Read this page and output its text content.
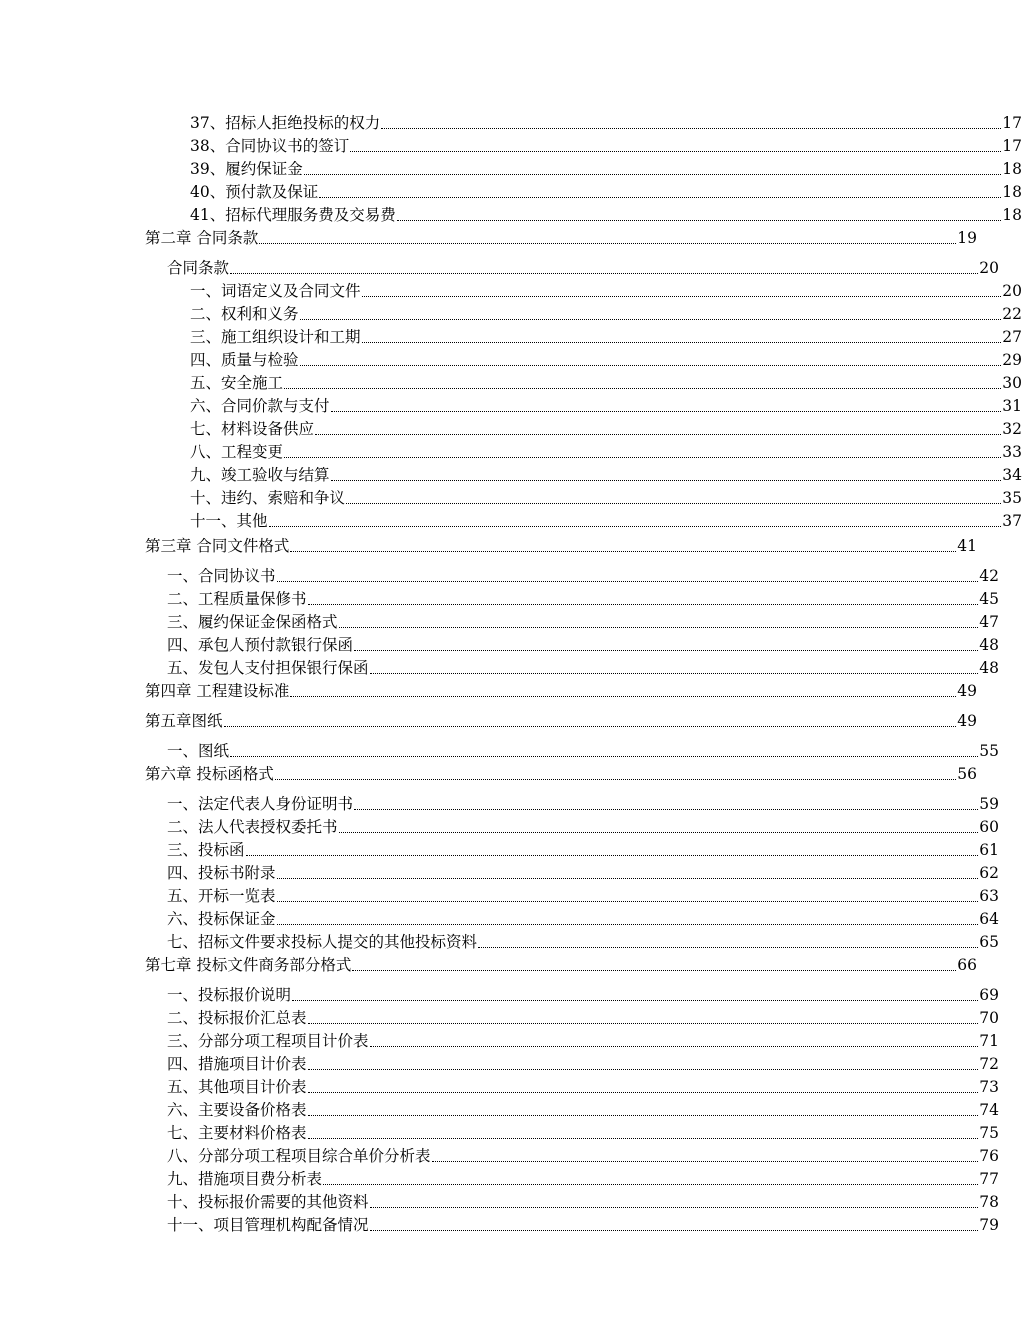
37、招标人拒绝投标的权力	17
38、合同协议书的签订	17
39、履约保证金	18
40、预付款及保证	18
41、招标代理服务费及交易费	18
第二章 合同条款	19
合同条款	20
一、词语定义及合同文件	20
二、权利和义务	22
三、施工组织设计和工期	27
四、质量与检验	29
五、安全施工	30
六、合同价款与支付	31
七、材料设备供应	32
八、工程变更	33
九、竣工验收与结算	34
十、违约、索赔和争议	35
十一、其他	37
第三章 合同文件格式	41
一、合同协议书	42
二、工程质量保修书	45
三、履约保证金保函格式	47
四、承包人预付款银行保函	48
五、发包人支付担保银行保函	48
第四章 工程建设标准	49
第五章图纸	49
一、图纸	55
第六章 投标函格式	56
一、法定代表人身份证明书	59
二、法人代表授权委托书	60
三、投标函	61
四、投标书附录	62
五、开标一览表	63
六、投标保证金	64
七、招标文件要求投标人提交的其他投标资料	65
第七章 投标文件商务部分格式	66
一、投标报价说明	69
二、投标报价汇总表	70
三、分部分项工程项目计价表	71
四、措施项目计价表	72
五、其他项目计价表	73
六、主要设备价格表	74
七、主要材料价格表	75
八、分部分项工程项目综合单价分析表	76
九、措施项目费分析表	77
十、投标报价需要的其他资料	78
十一、项目管理机构配备情况	79
